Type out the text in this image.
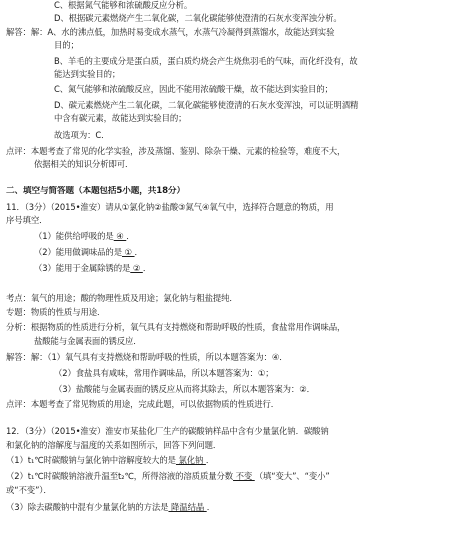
C、根据氮气能够和浓硫酸反应分析。
D、根据碳元素燃烧产生二氧化碳，二氧化碳能够使澄清的石灰水变浑浊分析。
解答：解：A、水的沸点低，加热时易变成水蒸气，水蒸气冷凝得到蒸馏水，故能达到实验
目的；
B、羊毛的主要成分是蛋白质，蛋白质灼烧会产生烧焦羽毛的气味，而化纤没有，故
能达到实验目的；
C、氮气能够和浓硫酸反应，因此不能用浓硫酸干燥，故不能达到实验目的；
D、碳元素燃烧产生二氧化碳，二氧化碳能够使澄清的石灰水变浑浊，可以证明酒精
中含有碳元素，故能达到实验目的；
故选项为：C．
点评：本题考查了常见的化学实验，涉及蒸馏、鉴别、除杂干燥、元素的检验等，难度不大，
依据相关的知识分析即可．
二、填空与简答题（本题包括5小题，共18分）
11．（3分）（2015•淮安）请从①氯化钠②盐酸③氮气④氧气中，选择符合题意的物质，用
序号填空．
（1）能供给呼吸的是 ④ ．
（2）能用做调味品的是 ① ．
（3）能用于金属除锈的是 ② ．
考点：氧气的用途；酸的物理性质及用途；氯化钠与粗盐提纯．
专题：物质的性质与用途．
分析：根据物质的性质进行分析，氧气具有支持燃烧和帮助呼吸的性质，食盐常用作调味品，
盐酸能与金属表面的锈反应．
解答：解：（1）氧气具有支持燃烧和帮助呼吸的性质，所以本题答案为：④．
（2）食盐具有咸味，常用作调味品，所以本题答案为：①；
（3）盐酸能与金属表面的锈反应从而将其除去，所以本题答案为：②．
点评：本题考查了常见物质的用途，完成此题，可以依据物质的性质进行．
12．（3分）（2015•淮安）淮安市某盐化厂生产的碳酸钠样品中含有少量氯化钠．碳酸钠
和氯化钠的溶解度与温度的关系如图所示，回答下列问题．
（1）t₁℃时碳酸钠与氯化钠中溶解度较大的是 氯化钠 ．
（2）t₁℃时碳酸钠溶液升温至t₂℃，所得溶液的溶质质量分数 不变 （填“变大”、“变小”
或“不变”）．
（3）除去碳酸钠中混有少量氯化钠的方法是 降温结晶 ．
